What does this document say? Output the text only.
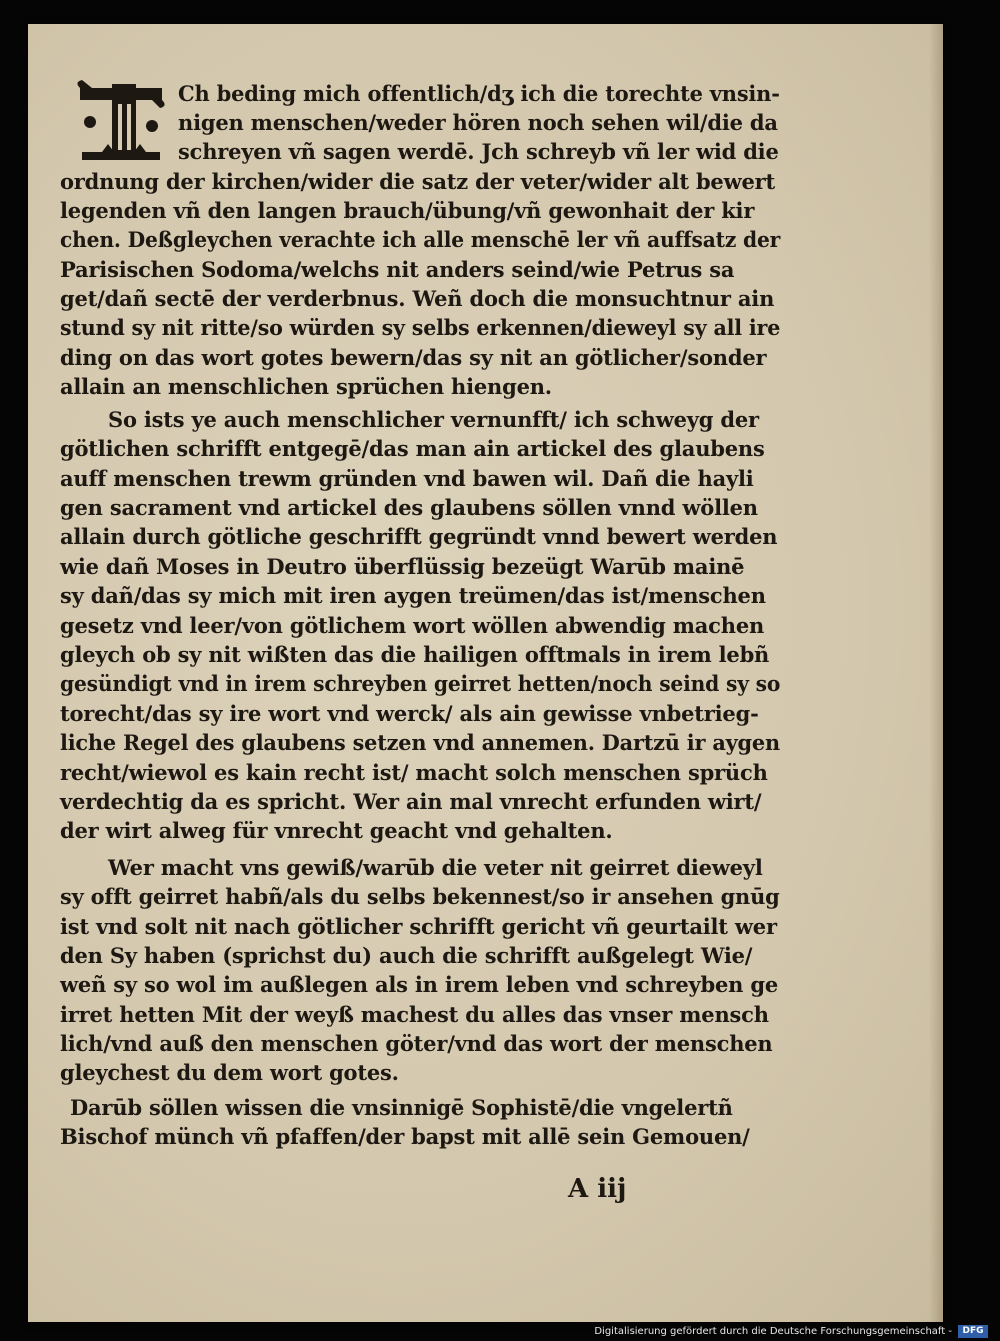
Ch beding mich offentlich/dʒ ich die torechte vnsin-
nigen menschen/weder hören noch sehen wil/die da
schreyen vñ sagen werdē. Jch schreyb vñ ler wid die
ordnung der kirchen/wider die satz der veter/wider alt bewert
legenden vñ den langen brauch/übung/vñ gewonhait der kir
chen. Deßgleychen verachte ich alle menschē ler vñ auffsatz der
Parisischen Sodoma/welchs nit anders seind/wie Petrus sa
get/dañ sectē der verderbnus. Weñ doch die monsuchtnur ain
stund sy nit ritte/so würden sy selbs erkennen/dieweyl sy all ire
ding on das wort gotes bewern/das sy nit an götlicher/sonder
allain an menschlichen sprüchen hiengen.
So ists ye auch menschlicher vernunfft/ ich schweyg der
götlichen schrifft entgegē/das man ain artickel des glaubens
auff menschen trewm gründen vnd bawen wil. Dañ die hayli
gen sacrament vnd artickel des glaubens söllen vnnd wöllen
allain durch götliche geschrifft gegründt vnnd bewert werden
wie dañ Moses in Deutro überflüssig bezeügt Warūb mainē
sy dañ/das sy mich mit iren aygen treümen/das ist/menschen
gesetz vnd leer/von götlichem wort wöllen abwendig machen
gleych ob sy nit wißten das die hailigen offtmals in irem lebñ
gesündigt vnd in irem schreyben geirret hetten/noch seind sy so
torecht/das sy ire wort vnd werck/ als ain gewisse vnbetrieg-
liche Regel des glaubens setzen vnd annemen. Dartzū ir aygen
recht/wiewol es kain recht ist/ macht solch menschen sprüch
verdechtig da es spricht. Wer ain mal vnrecht erfunden wirt/
der wirt alweg für vnrecht geacht vnd gehalten.
Wer macht vns gewiß/warūb die veter nit geirret dieweyl
sy offt geirret habñ/als du selbs bekennest/so ir ansehen gnūg
ist vnd solt nit nach götlicher schrifft gericht vñ geurtailt wer
den Sy haben (sprichst du) auch die schrifft außgelegt Wie/
weñ sy so wol im außlegen als in irem leben vnd schreyben ge
irret hetten Mit der weyß machest du alles das vnser mensch
lich/vnd auß den menschen göter/vnd das wort der menschen
gleychest du dem wort gotes.
Darūb söllen wissen die vnsinnigē Sophistē/die vngelertñ
Bischof münch vñ pfaffen/der bapst mit allē sein Gemouen/
A iij
Digitalisierung gefördert durch die Deutsche Forschungsgemeinschaft -	DFG
